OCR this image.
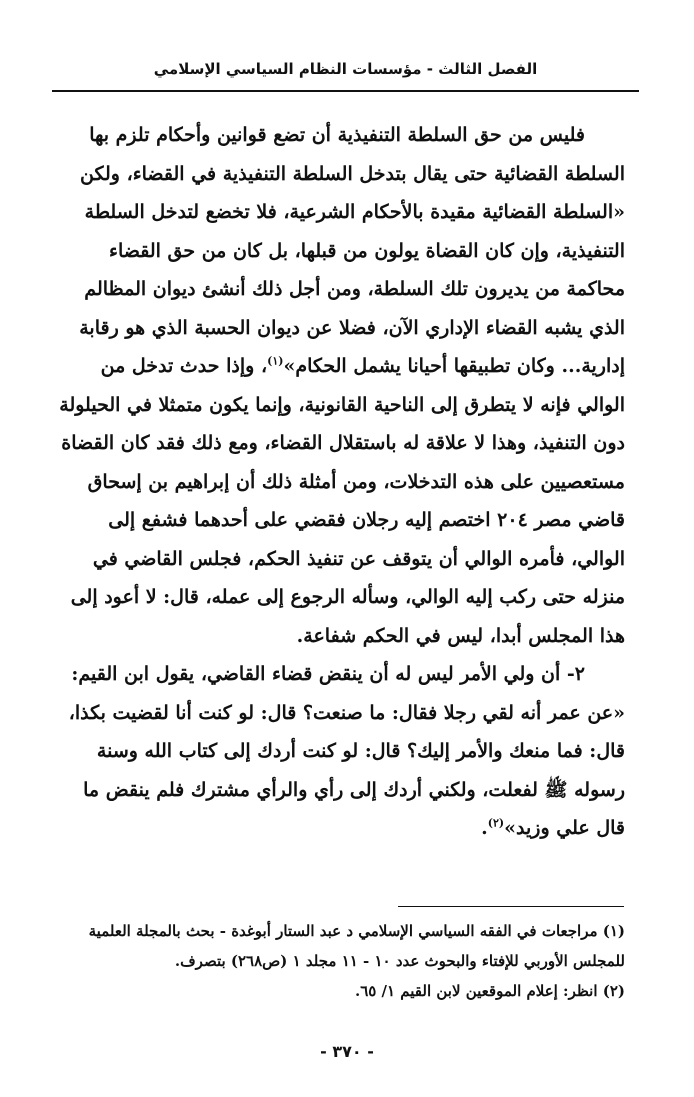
الفصل الثالث - مؤسسات النظام السياسي الإسلامي

فليس من حق السلطة التنفيذية أن تضع قوانين وأحكام تلزم بها السلطة القضائية حتى يقال بتدخل السلطة التنفيذية في القضاء، ولكن «السلطة القضائية مقيدة بالأحكام الشرعية، فلا تخضع لتدخل السلطة التنفيذية، وإن كان القضاة يولون من قبلها، بل كان من حق القضاء محاكمة من يديرون تلك السلطة، ومن أجل ذلك أنشئ ديوان المظالم الذي يشبه القضاء الإداري الآن، فضلا عن ديوان الحسبة الذي هو رقابة إدارية... وكان تطبيقها أحيانا يشمل الحكام»$^{(١)}$، وإذا حدث تدخل من الوالي فإنه لا يتطرق إلى الناحية القانونية، وإنما يكون متمثلا في الحيلولة دون التنفيذ، وهذا لا علاقة له باستقلال القضاء، ومع ذلك فقد كان القضاة مستعصيين على هذه التدخلات، ومن أمثلة ذلك أن إبراهيم بن إسحاق قاضي مصر ٢٠٤ اختصم إليه رجلان فقضي على أحدهما فشفع إلى الوالي، فأمره الوالي أن يتوقف عن تنفيذ الحكم، فجلس القاضي في منزله حتى ركب إليه الوالي، وسأله الرجوع إلى عمله، قال: لا أعود إلى هذا المجلس أبدا، ليس في الحكم شفاعة.

٢- أن ولي الأمر ليس له أن ينقض قضاء القاضي، يقول ابن القيم:

«عن عمر أنه لقي رجلا فقال: ما صنعت؟ قال: لو كنت أنا لقضيت بكذا، قال: فما منعك والأمر إليك؟ قال: لو كنت أردك إلى كتاب الله وسنة رسوله ﷺ لفعلت، ولكني أردك إلى رأي والرأي مشترك فلم ينقض ما قال علي وزيد»$^{(٢)}$.

(١) مراجعات في الفقه السياسي الإسلامي د عبد الستار أبوغدة - بحث بالمجلة العلمية للمجلس الأوربي للإفتاء والبحوث عدد ١٠ - ١١ مجلد ١ (ص٢٦٨) بتصرف.

(٢) انظر: إعلام الموقعين لابن القيم ١/ ٦٥.

- ٣٧٠ -
